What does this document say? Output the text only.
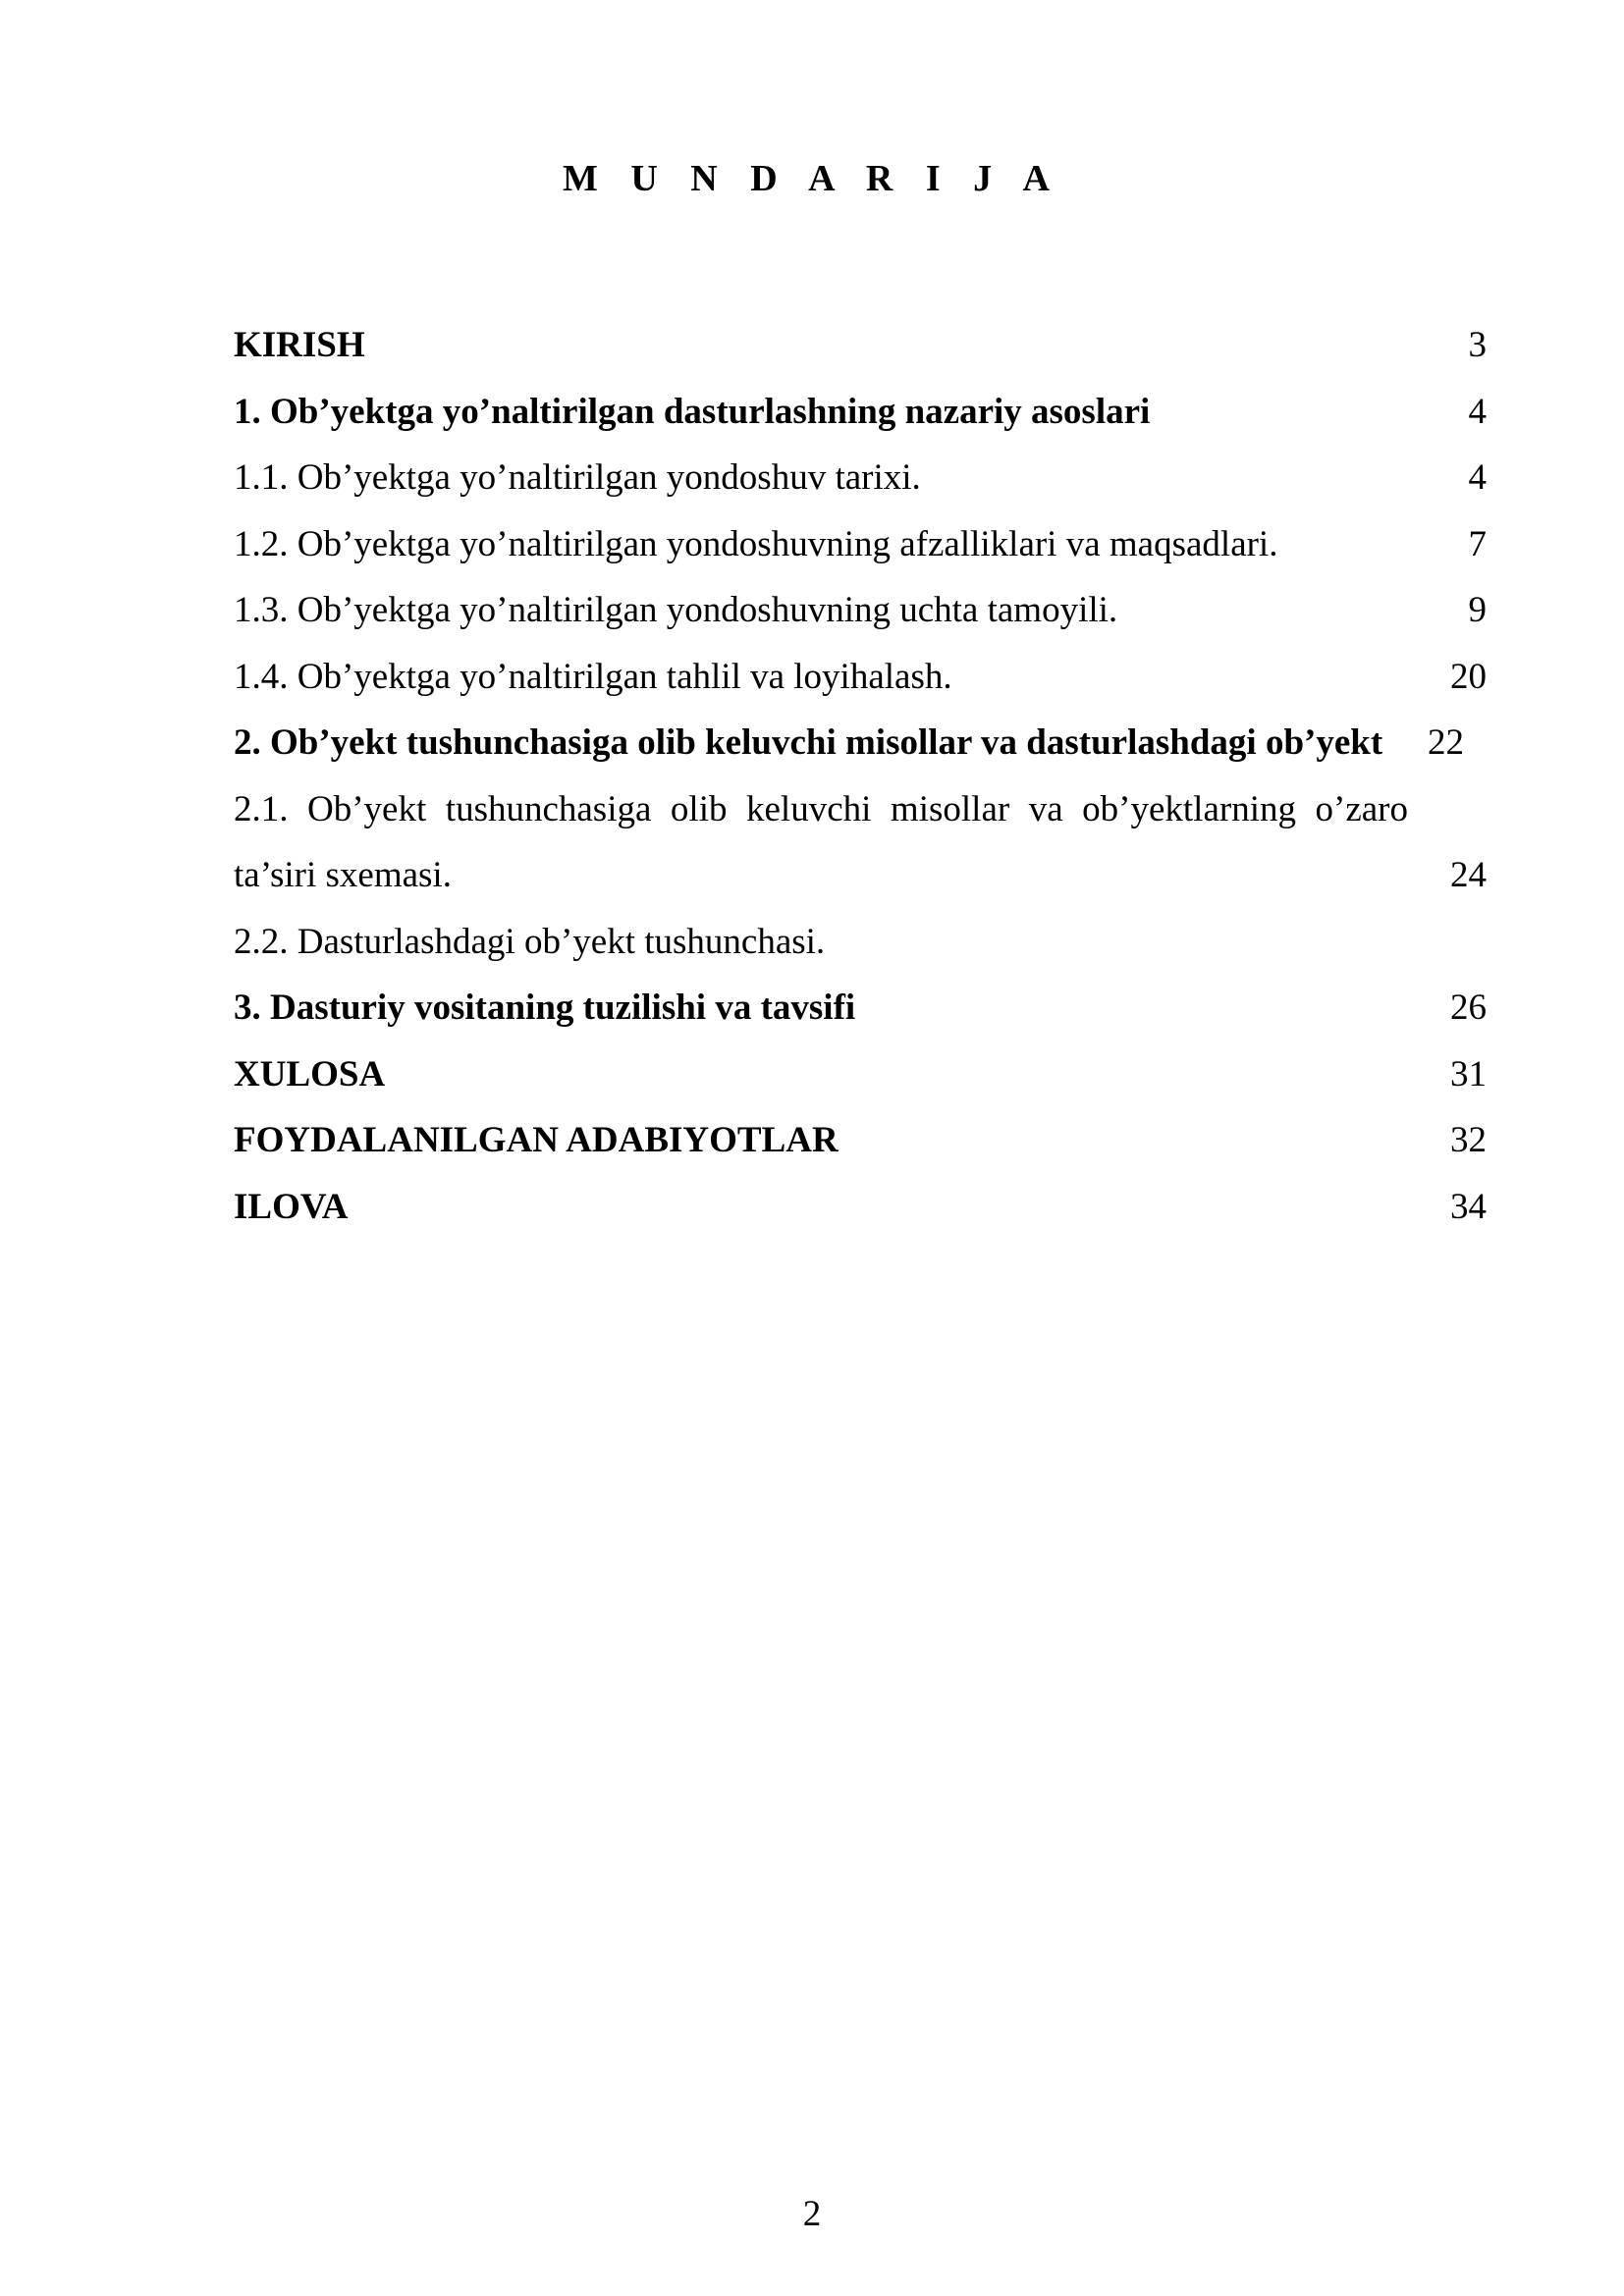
M U N D A R I J A
KIRISH	3
1. Ob’yektga yo’naltirilgan dasturlashning nazariy asoslari	4
1.1. Ob’yektga yo’naltirilgan yondoshuv tarixi.	4
1.2. Ob’yektga yo’naltirilgan yondoshuvning afzalliklari va maqsadlari.	7
1.3. Ob’yektga yo’naltirilgan yondoshuvning uchta tamoyili.	9
1.4. Ob’yektga yo’naltirilgan tahlil va loyihalash.	20
2. Ob’yekt tushunchasiga olib keluvchi misollar va dasturlashdagi ob’yekt	22
2.1. Ob’yekt tushunchasiga olib keluvchi misollar va ob’yektlarning o’zaro ta’siri sxemasi.	24
2.2. Dasturlashdagi ob’yekt tushunchasi.
3. Dasturiy vositaning tuzilishi va tavsifi	26
XULOSA	31
FOYDALANILGAN ADABIYOTLAR	32
ILOVA	34
2
